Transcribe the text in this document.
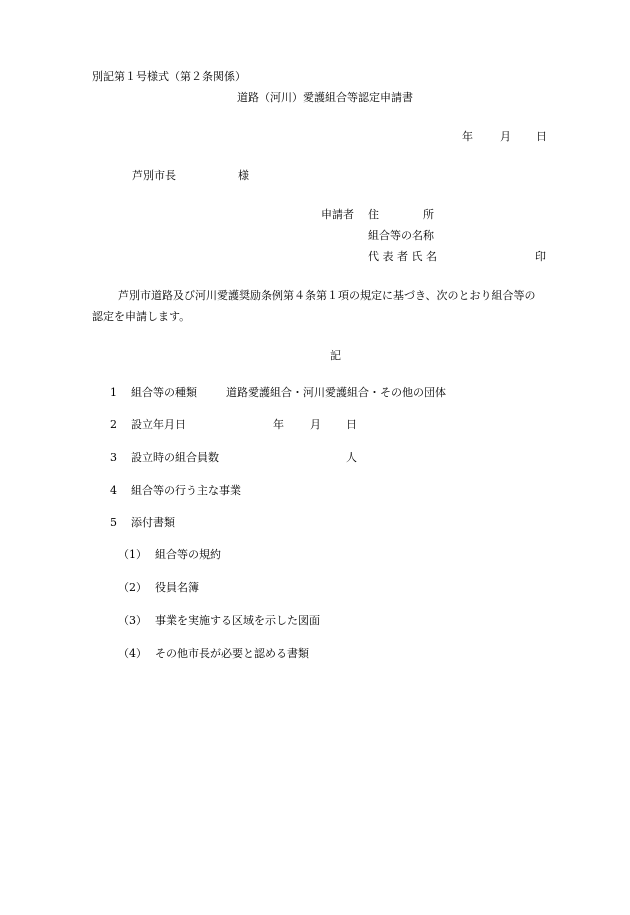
別記第１号様式（第２条関係）
道路（河川）愛護組合等認定申請書
年 月 日
芦別市長	様
申請者 住　　　　所
組合等の名称
代 表 者 氏 名	印
芦別市道路及び河川愛護奨励条例第４条第１項の規定に基づき、次のとおり組合等の
認定を申請します。
記
1 組合等の種類	道路愛護組合・河川愛護組合・その他の団体
2 設立年月日	年 月 日
3 設立時の組合員数	人
4 組合等の行う主な事業
5 添付書類
（1） 組合等の規約
（2） 役員名簿
（3） 事業を実施する区域を示した図面
（4） その他市長が必要と認める書類
